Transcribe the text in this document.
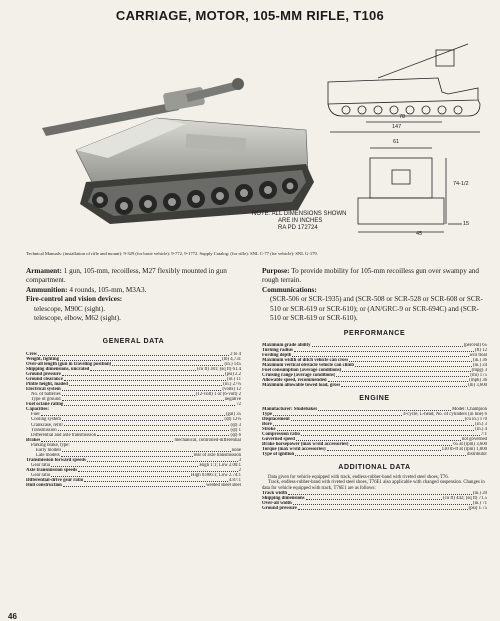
CARRIAGE, MOTOR, 105-MM RIFLE, T106
78
147
61
74-1/2
15
45
NOTE: ALL DIMENSIONS SHOWN

ARE IN INCHES
RA PD 172724
Technical Manuals: (installation of rifle and mount): 9-329 (for basic vehicle): 9-772, 9-1772. Supply Catalog: (for rifle): SNL C-77 (for vehicle): SNL G-179.

Armament: 1 gun, 105-mm, recoilless, M27 flexibly mounted in gun compartment.

Ammunition: 4 rounds, 105-mm, M3A3.

Fire-control and vision devices:

telescope, M90C (sight).

telescope, elbow, M62 (sight).

GENERAL DATA

Crew	2 to 4
Weight, fighting	(lb) 4,731
Over-all length (gun in traveling position)	(in.) 145
Shipping dimensions, uncrated	(cu ft) 381; (sq ft) 61.4
Ground pressure	(psi) 2.2
Ground clearance	(in.) 11
Pintle height, loaded	(in.) 27¼
Electrical system	(volts) 12
No. of batteries	(12-volt) 1 or (6-volt) 2
Type of ground	negative
Fuel octane rating	72
Capacities:
Fuel	(gal) 35
Cooling system	(qt) 12¼
Crankcase, refill	(qt) 3
Transmission	(qt) 1
Differential and axle transmission	(qt) 6
Brakes	mechanical, controlled-differential
Parking brake, type:
Early models	none
Late models	rear of axle transmission
Transmission forward speeds	3
Gear ratio	High 1:1; Low 2.00:1
Axle transmission speeds	2
Gear ratio	High 0.866:1; Low 2.74:1
Differential-drive gear ratio	4.87:1
Hull construction	welded sheet steel

Purpose: To provide mobility for 105-mm recoilless gun over swampy and rough terrain.

Communications:

(SCR-506 or SCR-1935) and (SCR-508 or SCR-528 or SCR-608 or SCR-510 or SCR-619 or SCR-610); or (AN/GRC-9 or SCR-694C) and (SCR-510 or SCR-619 or SCR-610).

PERFORMANCE

Maximum grade ability	(percent) 65
Turning radius	(ft) 12
Fording depth	will float
Maximum width of ditch vehicle can cross	(in.) 36
Maximum vertical obstacle vehicle can climb	(in.) 24
Fuel consumption (average conditions)	(mpg) 3
Cruising range (average conditions)	(mi) 175
Allowable speed, recommended	(mph) 36
Maximum allowable towed load, gross	(lb) 3,600

ENGINE

Manufacturer: Studebaker	Model: Champion
Type	4-cycle, L-head; No. of cylinders (in line) 6
Displacement	(cu in.) 170
Bore	(in.) 3
Stroke	(in.) 4
Compression ratio	7:1
Governed speed	not governed
Brake horsepower (max w/std accessories)	65 at (rpm) 3,600
Torque (max w/std accessories)	130 lb-ft at (rpm) 1,800
Type of ignition	distributor

ADDITIONAL DATA

Data given for vehicle equipped with track, endless-rubber-band with riveted steel shoes, T76.

Track, endless-rubber-band with riveted steel shoes, T76E1 also applicable with changed suspension. Changes in data for vehicle equipped with track, T76E1 are as follows:

Track width	(in.) 20
Shipping dimensions	(cu ft) 442; (sq ft) 71.5
Over-all width	(in.) 71
Ground pressure	(psi) 1.75
46
